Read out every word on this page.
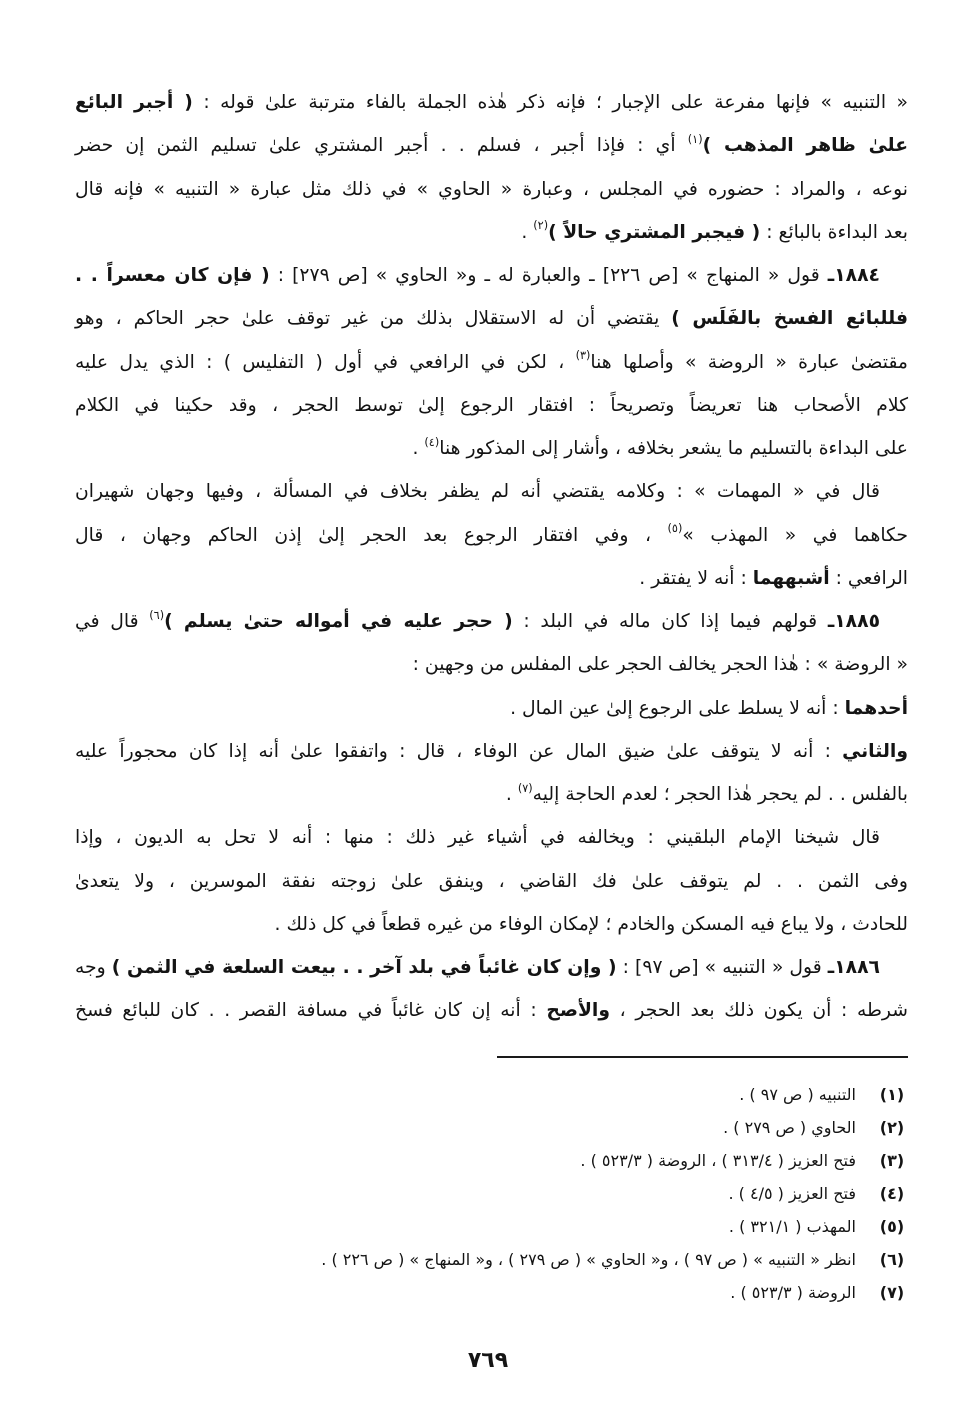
« التنبيه » فإنها مفرعة على الإجبار ؛ فإنه ذكر هٰذه الجملة بالفاء مترتبة علىٰ قوله : ( أجبر البائع
علىٰ ظاهر المذهب )$^{(١)}$ أي : فإذا أجبر ، فسلم . . أجبر المشتري علىٰ تسليم الثمن إن حضر
نوعه ، والمراد : حضوره في المجلس ، وعبارة « الحاوي » في ذلك مثل عبارة « التنبيه » فإنه قال
بعد البداءة بالبائع : ( فيجبر المشتري حالاً )$^{(٢)}$ .
١٨٨٤ـ قول « المنهاج » [ص ٢٢٦] ـ والعبارة له ـ و« الحاوي » [ص ٢٧٩] : ( فإن كان معسراً . .
فللبائع الفسخ بالفَلَس ) يقتضي أن له الاستقلال بذلك من غير توقف علىٰ حجر الحاكم ، وهو
مقتضىٰ عبارة « الروضة » وأصلها هنا$^{(٣)}$ ، لكن في الرافعي في أول ( التفليس ) : الذي يدل عليه
كلام الأصحاب هنا تعريضاً وتصريحاً : افتقار الرجوع إلىٰ توسط الحجر ، وقد حكينا في الكلام
على البداءة بالتسليم ما يشعر بخلافه ، وأشار إلى المذكور هنا$^{(٤)}$ .
قال في « المهمات » : وكلامه يقتضي أنه لم يظفر بخلاف في المسألة ، وفيها وجهان شهيران
حكاهما في « المهذب »$^{(٥)}$ ، وفي افتقار الرجوع بعد الحجر إلىٰ إذن الحاكم وجهان ، قال
الرافعي : أشبههما : أنه لا يفتقر .
١٨٨٥ـ قولهم فيما إذا كان ماله في البلد : ( حجر عليه في أمواله حتىٰ يسلم )$^{(٦)}$ قال في
« الروضة » : هٰذا الحجر يخالف الحجر على المفلس من وجهين :
أحدهما : أنه لا يسلط على الرجوع إلىٰ عين المال .
والثاني : أنه لا يتوقف علىٰ ضيق المال عن الوفاء ، قال : واتفقوا علىٰ أنه إذا كان محجوراً عليه
بالفلس . . لم يحجر هٰذا الحجر ؛ لعدم الحاجة إليه$^{(٧)}$ .
قال شيخنا الإمام البلقيني : ويخالفه في أشياء غير ذلك : منها : أنه لا تحل به الديون ، وإذا
وفى الثمن . . لم يتوقف علىٰ فك القاضي ، وينفق علىٰ زوجته نفقة الموسرين ، ولا يتعدىٰ
للحادث ، ولا يباع فيه المسكن والخادم ؛ لإمكان الوفاء من غيره قطعاً في كل ذلك .
١٨٨٦ـ قول « التنبيه » [ص ٩٧] : ( وإن كان غائباً في بلد آخر . . بيعت السلعة في الثمن ) وجه
شرطه : أن يكون ذلك بعد الحجر ، والأصح : أنه إن كان غائباً في مسافة القصر . . كان للبائع فسخ
(١)
التنبيه ( ص ٩٧ ) .
(٢)
الحاوي ( ص ٢٧٩ ) .
(٣)
فتح العزيز ( ٣١٣/٤ ) ، الروضة ( ٥٢٣/٣ ) .
(٤)
فتح العزيز ( ٤/٥ ) .
(٥)
المهذب ( ٣٢١/١ ) .
(٦)
انظر « التنبيه » ( ص ٩٧ ) ، و« الحاوي » ( ص ٢٧٩ ) ، و« المنهاج » ( ص ٢٢٦ ) .
(٧)
الروضة ( ٥٢٣/٣ ) .
٧٦٩
